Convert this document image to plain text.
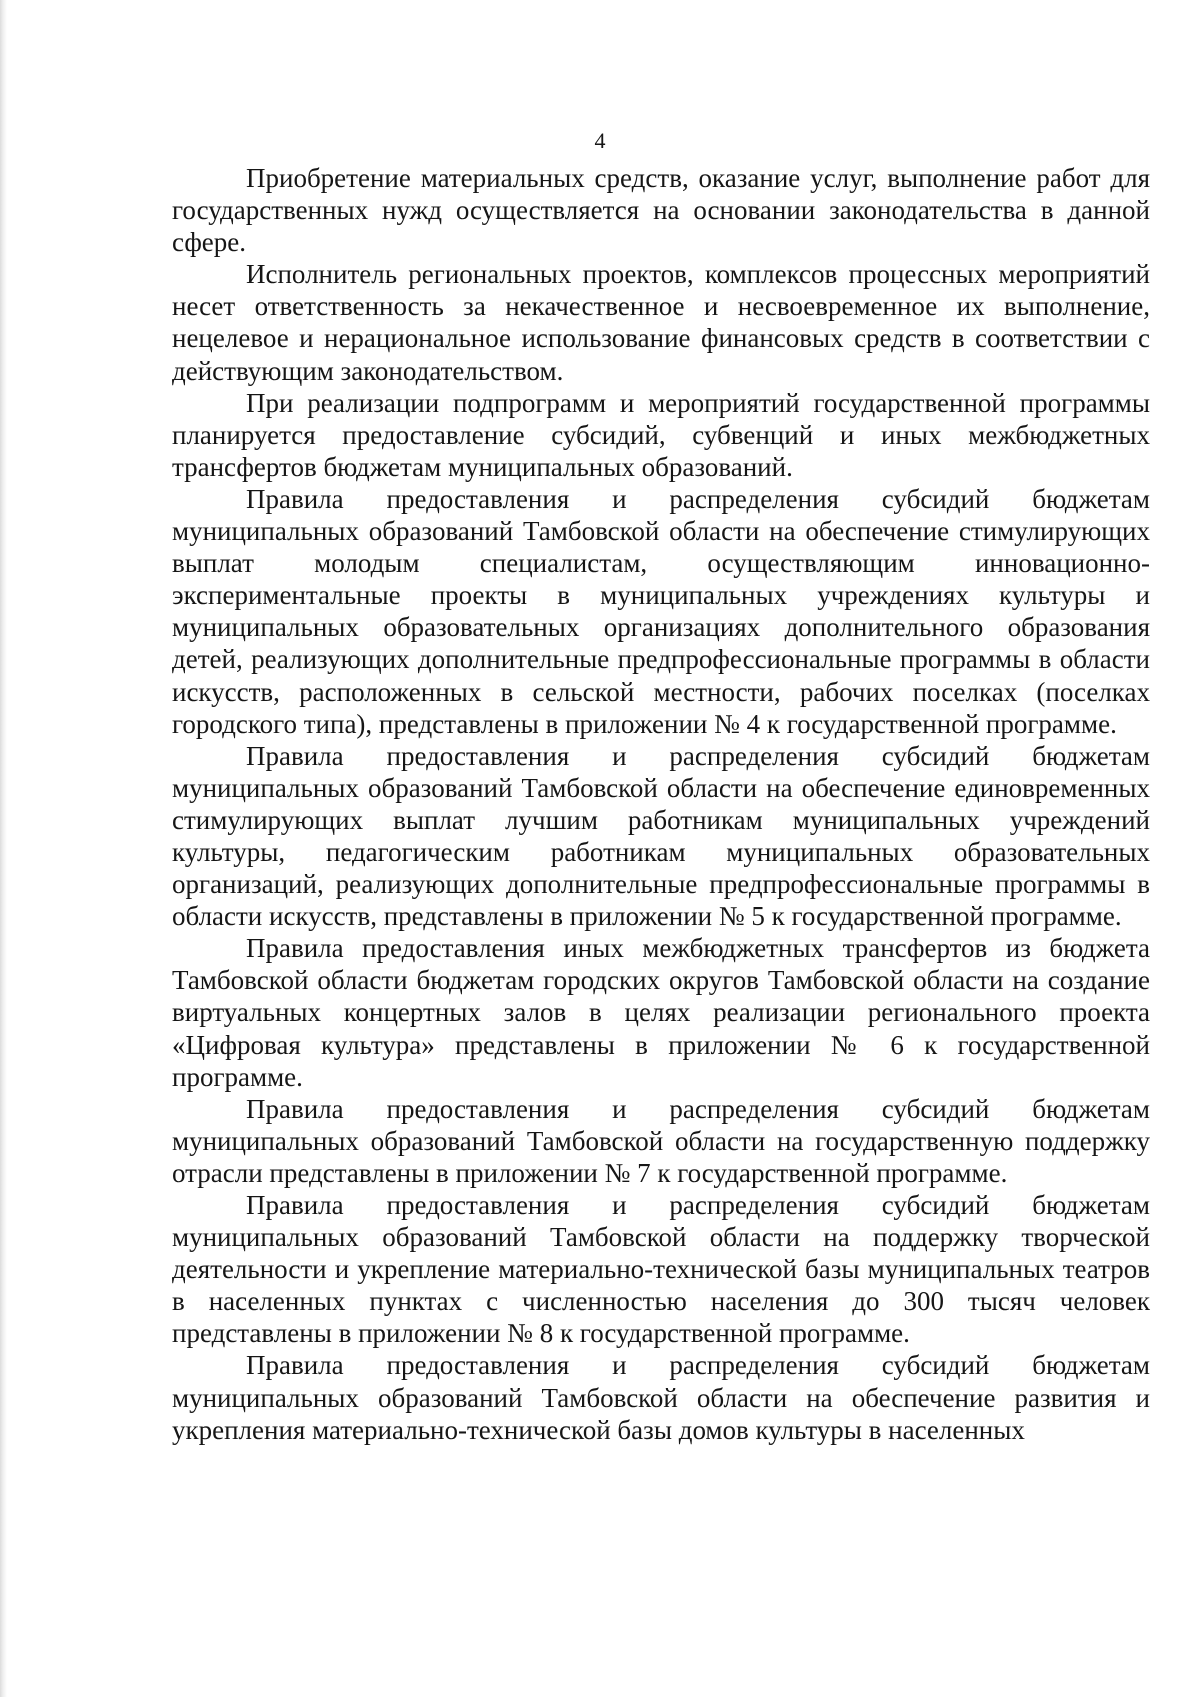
4

Приобретение материальных средств, оказание услуг, выполнение работ для государственных нужд осуществляется на основании законодательства в данной сфере.

Исполнитель региональных проектов, комплексов процессных мероприятий несет ответственность за некачественное и несвоевременное их выполнение, нецелевое и нерациональное использование финансовых средств в соответствии с действующим законодательством.

При реализации подпрограмм и мероприятий государственной программы планируется предоставление субсидий, субвенций и иных межбюджетных трансфертов бюджетам муниципальных образований.

Правила предоставления и распределения субсидий бюджетам муниципальных образований Тамбовской области на обеспечение стимулирующих выплат молодым специалистам, осуществляющим инновационно-экспериментальные проекты в муниципальных учреждениях культуры и муниципальных образовательных организациях дополнительного образования детей, реализующих дополнительные предпрофессиональные программы в области искусств, расположенных в сельской местности, рабочих поселках (поселках городского типа), представлены в приложении № 4 к государственной программе.

Правила предоставления и распределения субсидий бюджетам муниципальных образований Тамбовской области на обеспечение единовременных стимулирующих выплат лучшим работникам муниципальных учреждений культуры, педагогическим работникам муниципальных образовательных организаций, реализующих дополнительные предпрофессиональные программы в области искусств, представлены в приложении № 5 к государственной программе.

Правила предоставления иных межбюджетных трансфертов из бюджета Тамбовской области бюджетам городских округов Тамбовской области на создание виртуальных концертных залов в целях реализации регионального проекта «Цифровая культура» представлены в приложении № 6 к государственной программе.

Правила предоставления и распределения субсидий бюджетам муниципальных образований Тамбовской области на государственную поддержку отрасли представлены в приложении № 7 к государственной программе.

Правила предоставления и распределения субсидий бюджетам муниципальных образований Тамбовской области на поддержку творческой деятельности и укрепление материально-технической базы муниципальных театров в населенных пунктах с численностью населения до 300 тысяч человек представлены в приложении № 8 к государственной программе.

Правила предоставления и распределения субсидий бюджетам муниципальных образований Тамбовской области на обеспечение развития и укрепления материально-технической базы домов культуры в населенных
